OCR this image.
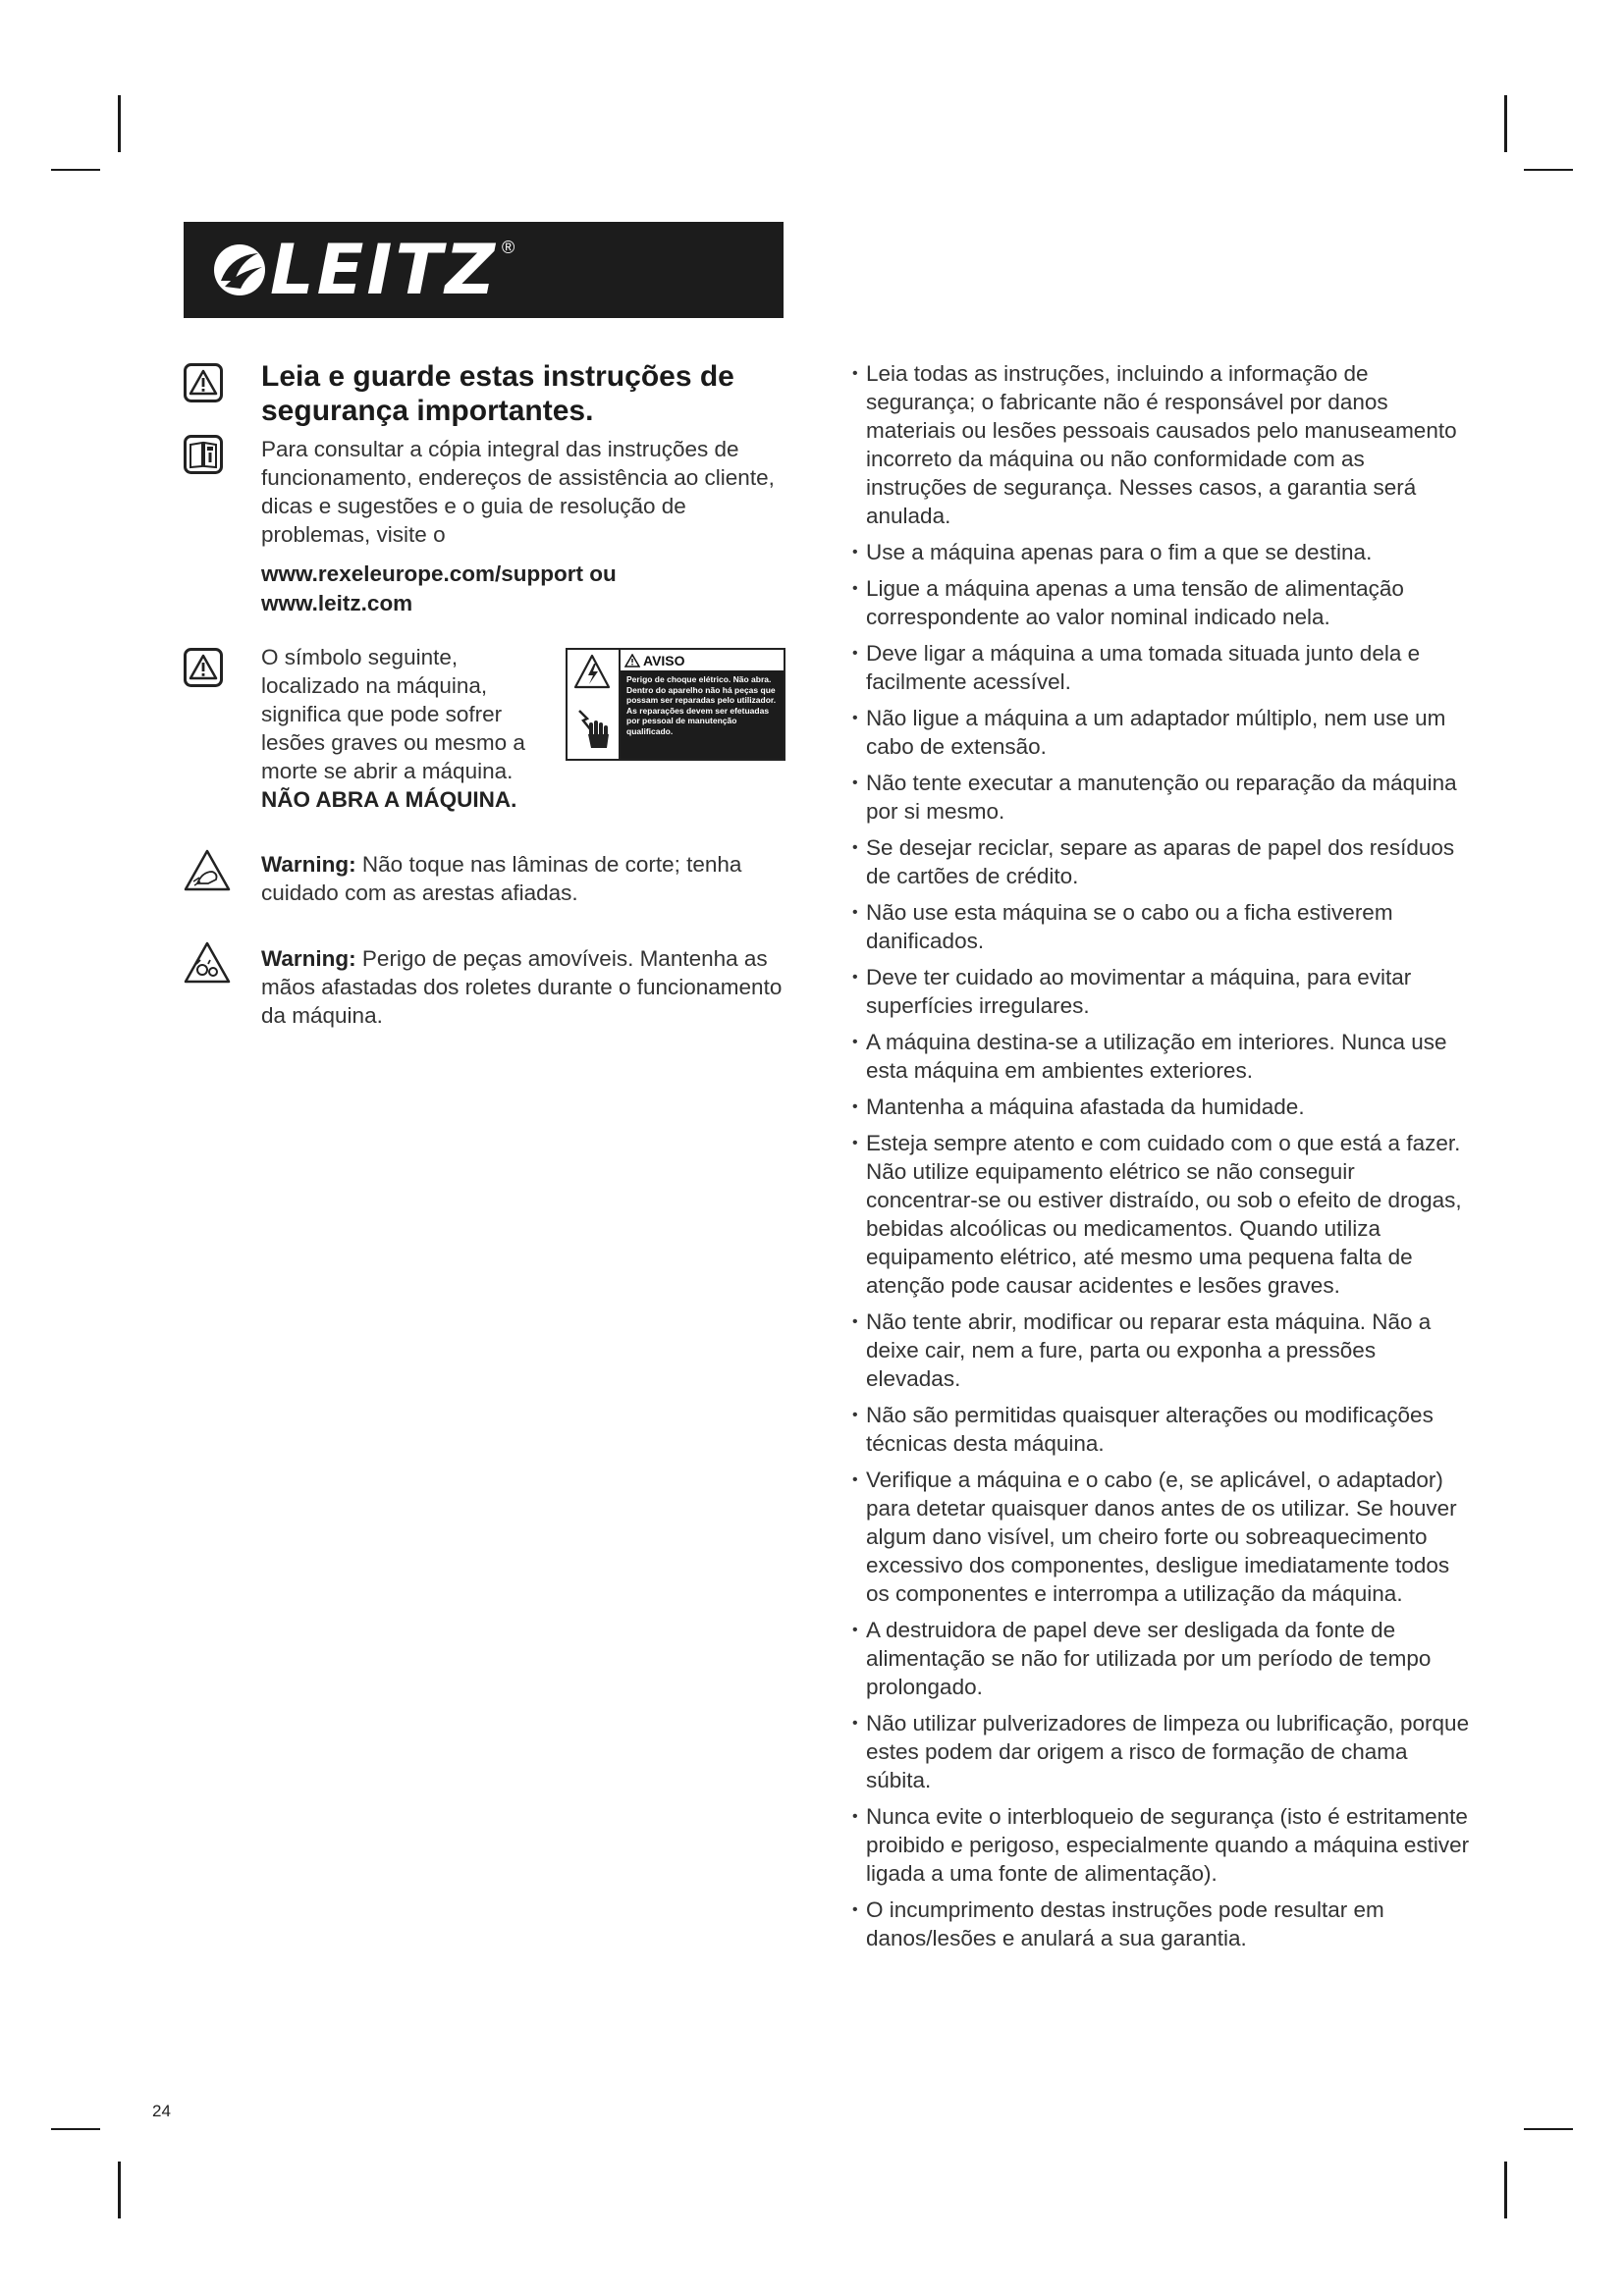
LEITZ ®
Leia e guarde estas instruções de segurança importantes.
Para consultar a cópia integral das instruções de funcionamento, endereços de assistência ao cliente, dicas e sugestões e o guia de resolução de problemas, visite o
www.rexeleurope.com/support ou
www.leitz.com
O símbolo seguinte, localizado na máquina, significa que pode sofrer lesões graves ou mesmo a morte se abrir a máquina.
NÃO ABRA A MÁQUINA.
AVISO
Perigo de choque elétrico. Não abra. Dentro do aparelho não há peças que possam ser reparadas pelo utilizador. As reparações devem ser efetuadas por pessoal de manutenção qualificado.
Warning: Não toque nas lâminas de corte; tenha cuidado com as arestas afiadas.
Warning: Perigo de peças amovíveis. Mantenha as mãos afastadas dos roletes durante o funcionamento da máquina.
• Leia todas as instruções, incluindo a informação de segurança; o fabricante não é responsável por danos materiais ou lesões pessoais causados pelo manuseamento incorreto da máquina ou não conformidade com as instruções de segurança. Nesses casos, a garantia será anulada.
• Use a máquina apenas para o fim a que se destina.
• Ligue a máquina apenas a uma tensão de alimentação correspondente ao valor nominal indicado nela.
• Deve ligar a máquina a uma tomada situada junto dela e facilmente acessível.
• Não ligue a máquina a um adaptador múltiplo, nem use um cabo de extensão.
• Não tente executar a manutenção ou reparação da máquina por si mesmo.
• Se desejar reciclar, separe as aparas de papel dos resíduos de cartões de crédito.
• Não use esta máquina se o cabo ou a ficha estiverem danificados.
• Deve ter cuidado ao movimentar a máquina, para evitar superfícies irregulares.
• A máquina destina-se a utilização em interiores. Nunca use esta máquina em ambientes exteriores.
• Mantenha a máquina afastada da humidade.
• Esteja sempre atento e com cuidado com o que está a fazer. Não utilize equipamento elétrico se não conseguir concentrar-se ou estiver distraído, ou sob o efeito de drogas, bebidas alcoólicas ou medicamentos. Quando utiliza equipamento elétrico, até mesmo uma pequena falta de atenção pode causar acidentes e lesões graves.
• Não tente abrir, modificar ou reparar esta máquina. Não a deixe cair, nem a fure, parta ou exponha a pressões elevadas.
• Não são permitidas quaisquer alterações ou modificações técnicas desta máquina.
• Verifique a máquina e o cabo (e, se aplicável, o adaptador) para detetar quaisquer danos antes de os utilizar. Se houver algum dano visível, um cheiro forte ou sobreaquecimento excessivo dos componentes, desligue imediatamente todos os componentes e interrompa a utilização da máquina.
• A destruidora de papel deve ser desligada da fonte de alimentação se não for utilizada por um período de tempo prolongado.
• Não utilizar pulverizadores de limpeza ou lubrificação, porque estes podem dar origem a risco de formação de chama súbita.
• Nunca evite o interbloqueio de segurança (isto é estritamente proibido e perigoso, especialmente quando a máquina estiver ligada a uma fonte de alimentação).
• O incumprimento destas instruções pode resultar em danos/lesões e anulará a sua garantia.
24
